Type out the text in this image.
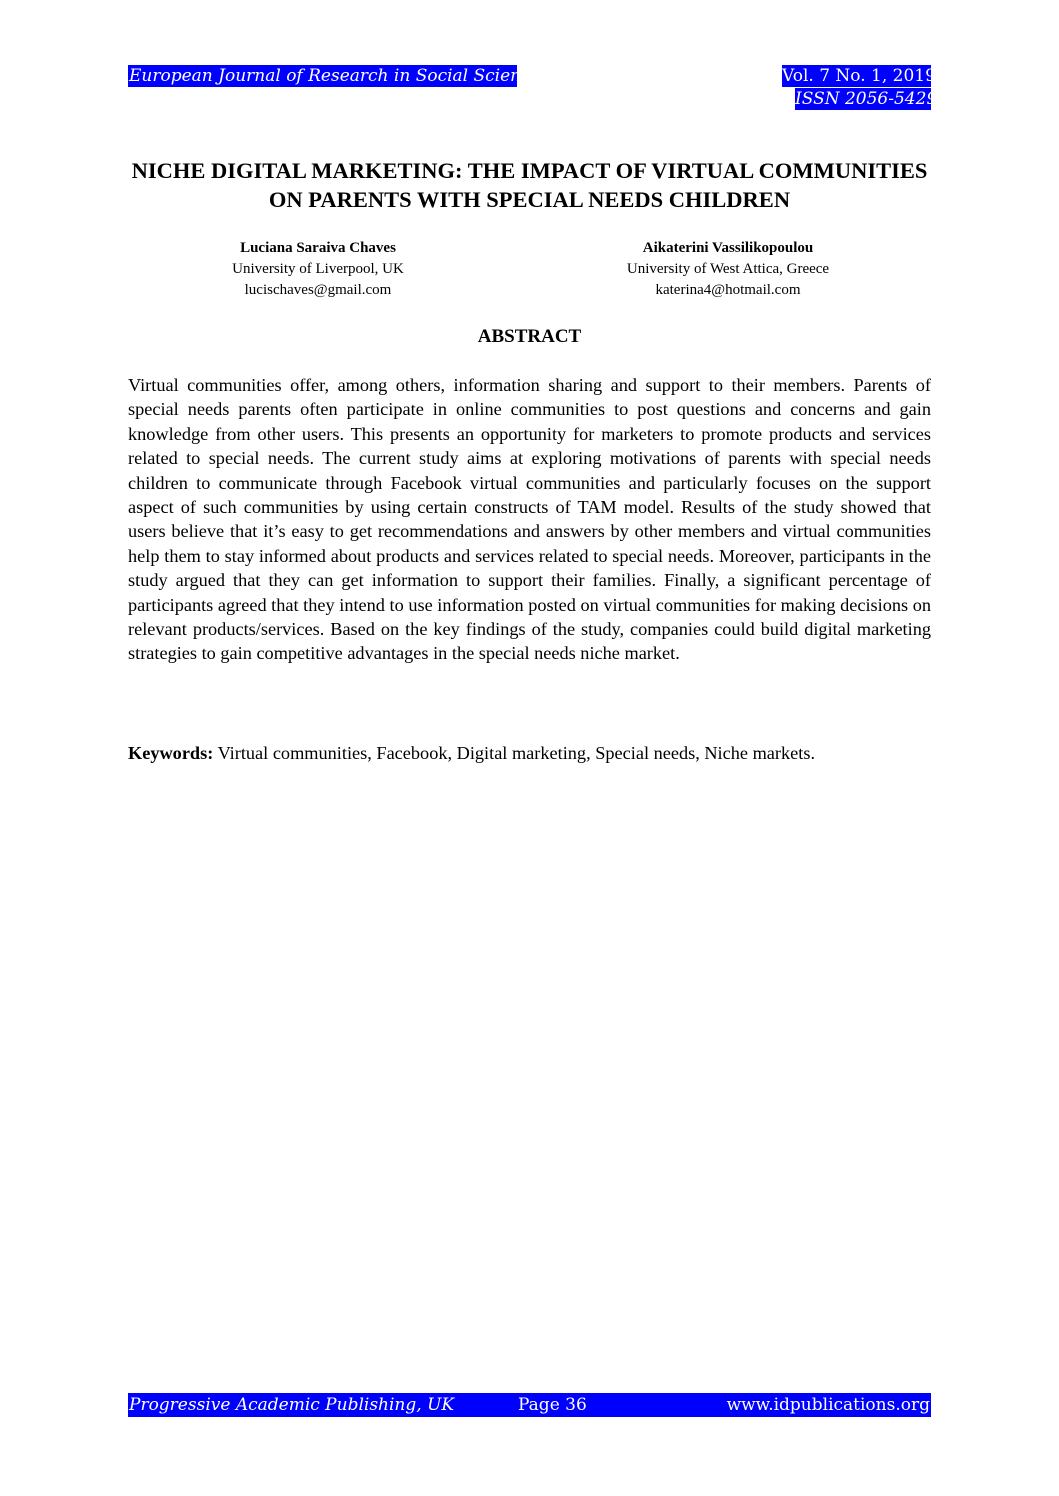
European Journal of Research in Social Sciences	Vol. 7 No. 1, 2019
ISSN 2056-5429
NICHE DIGITAL MARKETING: THE IMPACT OF VIRTUAL COMMUNITIES ON PARENTS WITH SPECIAL NEEDS CHILDREN
Luciana Saraiva Chaves
University of Liverpool, UK
lucischaves@gmail.com
Aikaterini Vassilikopoulou
University of West Attica, Greece
katerina4@hotmail.com
ABSTRACT
Virtual communities offer, among others, information sharing and support to their members. Parents of special needs parents often participate in online communities to post questions and concerns and gain knowledge from other users. This presents an opportunity for marketers to promote products and services related to special needs. The current study aims at exploring motivations of parents with special needs children to communicate through Facebook virtual communities and particularly focuses on the support aspect of such communities by using certain constructs of TAM model. Results of the study showed that users believe that it’s easy to get recommendations and answers by other members and virtual communities help them to stay informed about products and services related to special needs. Moreover, participants in the study argued that they can get information to support their families. Finally, a significant percentage of participants agreed that they intend to use information posted on virtual communities for making decisions on relevant products/services. Based on the key findings of the study, companies could build digital marketing strategies to gain competitive advantages in the special needs niche market.
Keywords: Virtual communities, Facebook, Digital marketing, Special needs, Niche markets.
Progressive Academic Publishing, UK	Page 36	www.idpublications.org
